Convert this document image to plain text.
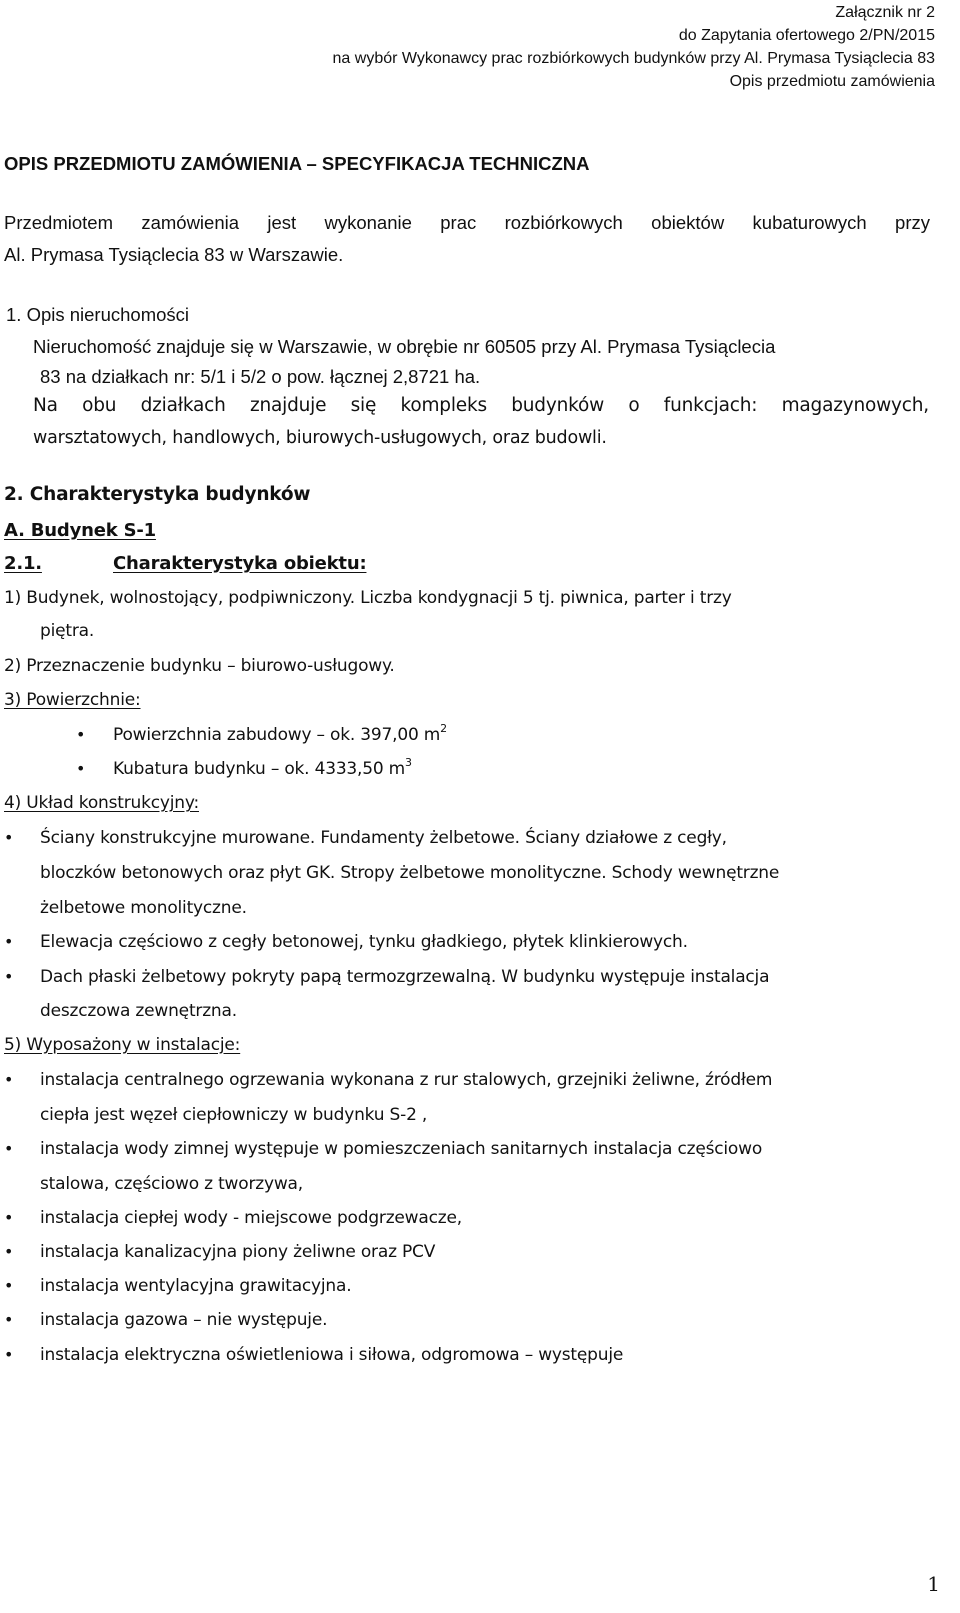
Załącznik nr 2
do Zapytania ofertowego 2/PN/2015
na wybór Wykonawcy prac rozbiórkowych budynków przy Al. Prymasa Tysiąclecia 83
Opis przedmiotu zamówienia
OPIS PRZEDMIOTU ZAMÓWIENIA – SPECYFIKACJA TECHNICZNA
Przedmiotem zamówienia jest wykonanie prac rozbiórkowych obiektów kubaturowych przy
Al. Prymasa Tysiąclecia 83 w Warszawie.
1. Opis nieruchomości
Nieruchomość znajduje się w Warszawie, w obrębie nr 60505 przy Al. Prymasa Tysiąclecia
83 na działkach nr: 5/1 i 5/2 o pow. łącznej 2,8721 ha.
Na obu działkach znajduje się kompleks budynków o funkcjach: magazynowych,
warsztatowych, handlowych, biurowych-usługowych, oraz budowli.
2. Charakterystyka budynków
A. Budynek S-1
2.1.	Charakterystyka obiektu:
1) Budynek, wolnostojący, podpiwniczony. Liczba kondygnacji 5 tj. piwnica, parter i trzy
piętra.
2) Przeznaczenie budynku – biurowo-usługowy.
3) Powierzchnie:
• Powierzchnia zabudowy – ok. 397,00 $m^2$
• Kubatura budynku – ok. 4333,50 $m^3$
4) Układ konstrukcyjny:
• Ściany konstrukcyjne murowane. Fundamenty żelbetowe. Ściany działowe z cegły,
bloczków betonowych oraz płyt GK. Stropy żelbetowe monolityczne. Schody wewnętrzne
żelbetowe monolityczne.
• Elewacja częściowo z cegły betonowej, tynku gładkiego, płytek klinkierowych.
• Dach płaski żelbetowy pokryty papą termozgrzewalną. W budynku występuje instalacja
deszczowa zewnętrzna.
5) Wyposażony w instalacje:
• instalacja centralnego ogrzewania wykonana z rur stalowych, grzejniki żeliwne, źródłem
ciepła jest węzeł ciepłowniczy w budynku S-2 ,
• instalacja wody zimnej występuje w pomieszczeniach sanitarnych instalacja częściowo
stalowa, częściowo z tworzywa,
• instalacja ciepłej wody - miejscowe podgrzewacze,
• instalacja kanalizacyjna piony żeliwne oraz PCV
• instalacja wentylacyjna grawitacyjna.
• instalacja gazowa – nie występuje.
• instalacja elektryczna oświetleniowa i siłowa, odgromowa – występuje
1
